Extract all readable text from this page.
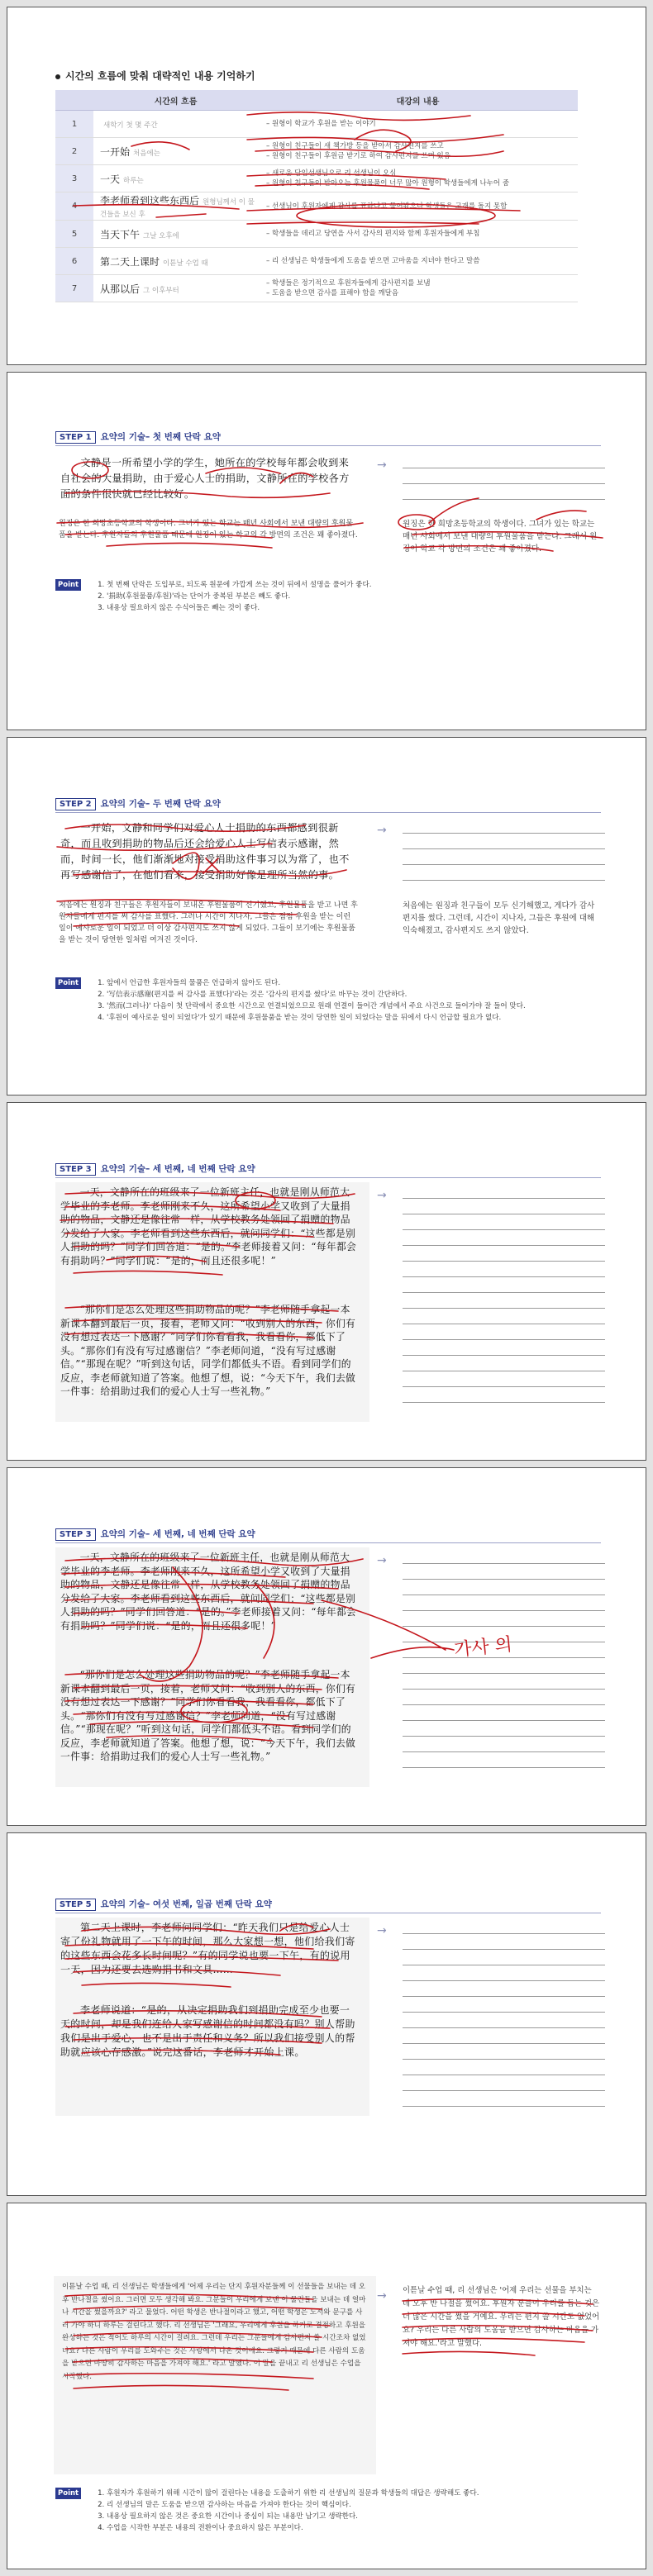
시간의 흐름에 맞춰 대략적인 내용 기억하기
	시간의 흐름	대강의 내용
1	새학기 첫 몇 주간	– 원형이 학교가 후원을 받는 이야기

2	一开始 처음에는	– 원형이 친구들이 새 책가방 등을 받아서 감사편지를 쓰고
– 원형이 친구들이 후원금 받기로 하여 감사편지를 쓰며 있음

3	一天 하루는	– 새로운 담임선생님으로 리 선생님이 오심
– 원형이 친구들이 받아오는 후원물품이 너무 많아 원형이 학생들에게 나누어 줌

4	李老师看到这些东西后 원형님께서 이 물건들을 보신 후	– 선생님이 후원자에게 감사를 표하나고 물어봤으나 학생들은 고개를 돌지 못함

5	当天下午 그날 오후에	– 학생들을 데리고 당연을 사서 감사의 편지와 함께 후원자들에게 부침

6	第二天上课时 이튿날 수업 때	– 리 선생님은 학생들에게 도움을 받으면 고마움을 지녀야 한다고 말씀

7	从那以后 그 이후부터	– 학생들은 정기적으로 후원자들에게 감사편지를 보냄
– 도움을 받으면 감사를 표해야 함을 깨달음
STEP 1 요약의 기술– 첫 번째 단락 요약
文静是一所希望小学的学生，她所在的学校每年都会收到来自社会的大量捐助，由于爱心人士的捐助，文静所在的学校各方面的条件很快就已经比较好。
원징은 한 희망초등학교의 학생이다. 그녀가 있는 학교는 매년 사회에서 보낸 대량의 후원물품을 받는다. 후원자들의 후원물품 때문에 원징이 있는 학교의 각 방면의 조건은 꽤 좋아졌다.
→
원징은 한 희망초등학교의 학생이다. 그녀가 있는 학교는 매년 사회에서 보낸 대량의 후원물품을 받는다. 그래서 원징이 학교 각 방면의 조건은 꽤 좋아졌다.
Point	1. 첫 번째 단락은 도입부로, 되도록 원문에 가깝게 쓰는 것이 뒤에서 설명을 풀어가 좋다.
2. '捐助(후원물품/후원)'라는 단어가 중복된 부분은 빼도 좋다.
3. 내용상 필요하지 않은 수식어들은 빼는 것이 좋다.
STEP 2 요약의 기술– 두 번째 단락 요약
一开始，文静和同学们对爱心人士捐助的东西都感到很新奇，而且收到捐助的物品后还会给爱心人士写信表示感谢，然而，时间一长，他们渐渐地对接受捐助这件事习以为常了，也不再写感谢信了，在他们看来，接受捐助好像是理所当然的事。
처음에는 원징과 친구들은 후원자들이 보내온 후원물품이 신기했고, 후원물품을 받고 나면 후원자들에게 편지를 써 감사를 표했다. 그러나 시간이 지나자, 그들은 점점 후원을 받는 이런 일이 예사로운 일이 되었고 더 이상 감사편지도 쓰지 않게 되었다. 그들이 보기에는 후원물품을 받는 것이 당연한 일처럼 여겨진 것이다.
→
처음에는 원징과 친구들이 모두 신기해했고, 게다가 감사편지를 썼다. 그런데, 시간이 지나자, 그들은 후원에 대해 익숙해졌고, 감사편지도 쓰지 않았다.
Point	1. 앞에서 언급한 후원자들의 물품은 언급하지 않아도 된다.
2. '写信表示感谢(편지를 써 감사를 표했다)'라는 것은 '감사의 편지를 썼다'로 바꾸는 것이 간단하다.
3. '然而(그러나)' 다음이 첫 단락에서 중요한 시간으로 연결되었으므로 원래 연결이 들어간 개념에서 주요 사건으로 들어가야 잘 들어 맞다.
4. '후원이 예사로운 일이 되었다'가 있기 때문에 후원물품을 받는 것이 당연한 일이 되었다는 말을 뒤에서 다시 언급할 필요가 없다.
STEP 3 요약의 기술– 세 번째, 네 번째 단락 요약
一天，文静所在的班级来了一位新班主任，也就是刚从师范大学毕业的李老师。李老师刚来不久，这所希望小学又收到了大量捐助的物品，文静还是像往常一样，从学校教务处领回了捐赠的物品分发给了大家。李老师看到这些东西后，就问同学们：“这些都是别人捐助的吗？”同学们回答道：“是的。”李老师接着又问：“每年都会有捐助吗？”同学们说：“是的，而且还很多呢！”
“那你们是怎么处理这些捐助物品的呢？”李老师随手拿起一本新课本翻到最后一页，接着，老师又问：“收到别人的东西，你们有没有想过表达一下感谢？”同学们你看看我，我看看你，都低下了头。“那你们有没有写过感谢信？”李老师问道，“没有写过感谢信。”“那现在呢？”听到这句话，同学们都低头不语。看到同学们的反应，李老师就知道了答案。他想了想，说：“今天下午，我们去做一件事：给捐助过我们的爱心人士写一些礼物。”
→
STEP 3 요약의 기술– 세 번째, 네 번째 단락 요약
一天，文静所在的班级来了一位新班主任，也就是刚从师范大学毕业的李老师。李老师刚来不久，这所希望小学又收到了大量捐助的物品，文静还是像往常一样，从学校教务处领回了捐赠的物品分发给了大家。李老师看到这些东西后，就问同学们：“这些都是别人捐助的吗？”同学们回答道：“是的。”李老师接着又问：“每年都会有捐助吗？”同学们说：“是的，而且还很多呢！”
“那你们是怎么处理这些捐助物品的呢？”李老师随手拿起一本新课本翻到最后一页，接着，老师又问：“收到别人的东西，你们有没有想过表达一下感谢？”同学们你看看我，我看看你，都低下了头。“那你们有没有写过感谢信？”李老师问道，“没有写过感谢信。”“那现在呢？”听到这句话，同学们都低头不语。看到同学们的反应，李老师就知道了答案。他想了想，说：“今天下午，我们去做一件事：给捐助过我们的爱心人士写一些礼物。”
→
가사 의
STEP 5 요약의 기술– 여섯 번째, 일곱 번째 단락 요약
第二天上课时，李老师问同学们：“昨天我们只是给爱心人士寄了份礼物就用了一下午的时间，那么大家想一想，他们给我们寄的这些东西会花多长时间呢？”有的同学说也要一下午，有的说用一天，因为还要去选购捐书和文具……
李老师说道：“是的，从决定捐助我们到捐助完成至少也要一天的时间，却是我们连给人家写感谢信的时间都没有吗？别人帮助我们是出于爱心，也不是出于责任和义务？所以我们接受别人的帮助就应该心存感激。”说完这番话，李老师才开始上课。
→
이튿날 수업 때, 리 선생님은 학생들에게 '어제 우리는 단지 후원자분들께 이 선물들을 보내는 데 오후 반나절을 썼어요. 그러면 모두 생각해 봐요. 그분들이 우리에게 보낸 이 물건들을 보내는 데 얼마나 시간을 썼을까요?' 라고 물었다. 어떤 학생은 반나절이라고 했고, 어떤 학생은 도서와 문구를 사러 가야 하니 하루는 걸린다고 했다. 리 선생님은 '그래요, 우리에게 후원을 하기로 결정하고 후원을 완성하는 것은 적어도 하루의 시간이 걸려요. 그런데 우리는 그분들에게 감사편지 쓸 시간조차 없었나요? 다른 사람이 우리를 도와주는 것은 사랑에서 나온 것이에요. 그렇기 때문에 다른 사람의 도움을 받으면 마땅히 감사하는 마음을 가져야 해요.' 라고 말했다. 이 말을 끝내고 리 선생님은 수업을 시작했다.
→ 이튿날 수업 때, 리 선생님은 '어제 우리는 선물을 부치는 데 오후 반 나절을 썼어요. 후원자 분들이 우리를 돕는 것은 더 많은 시간을 썼을 거예요. 우리는 편지 쓸 시간도 없었어요? 우리는 다른 사람의 도움을 받으면 감사하는 마음을 가져야 해요.'라고 말했다.
Point	1. 후원자가 후원하기 위해 시간이 많이 걸린다는 내용을 도출하기 위한 리 선생님의 질문과 학생들의 대답은 생략해도 좋다.
2. 리 선생님의 말은 도움을 받으면 감사하는 마음을 가져야 한다는 것이 핵심이다.
3. 내용상 필요하지 않은 것은 중요한 시간이나 중심이 되는 내용만 남기고 생략한다.
4. 수업을 시작한 부분은 내용의 전환이나 중요하지 않은 부분이다.
